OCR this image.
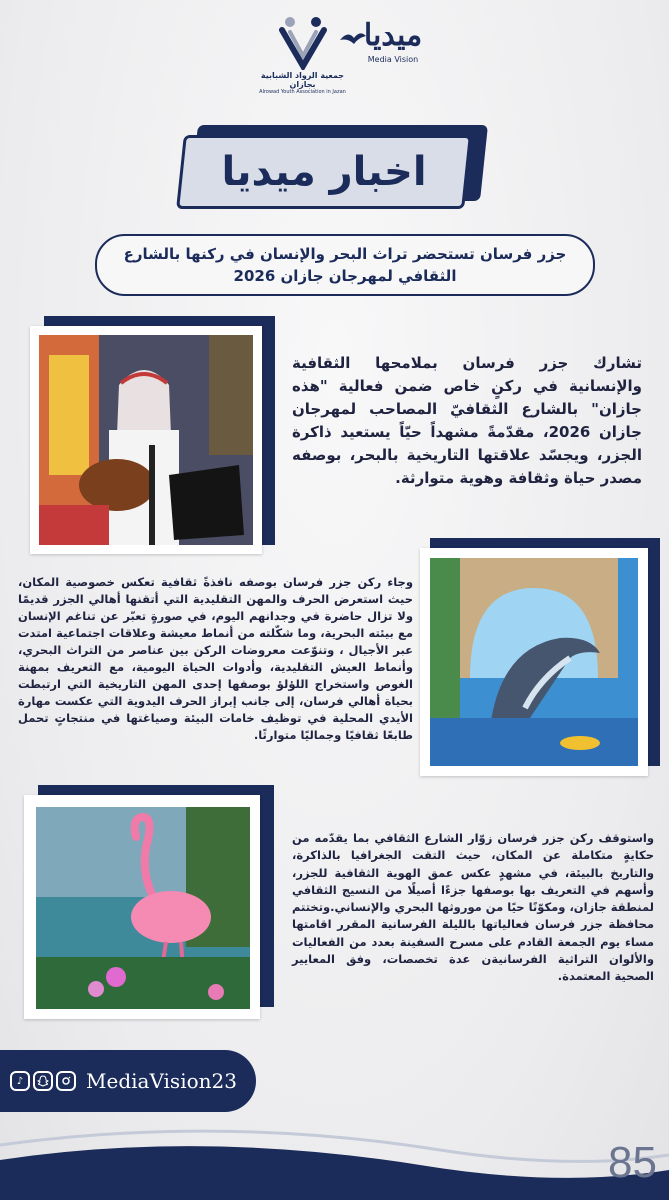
جمعية الرواد الشبابية بجازان
Alrowad Youth Association in Jazan
ميديا
Media Vision
اخبار ميديا
جزر فرسان تستحضر تراث البحر والإنسان في ركنها بالشارع الثقافي لمهرجان جازان 2026
تشارك جزر فرسان بملامحها الثقافية والإنسانية في ركنٍ خاص ضمن فعالية "هذه جازان" بالشارع الثقافيّ المصاحب لمهرجان جازان 2026، مقدّمةً مشهداً حيّاً يستعيد ذاكرة الجزر، ويجسّد علاقتها التاريخية بالبحر، بوصفه مصدر حياة وثقافة وهوية متوارثة.
وجاء ركن جزر فرسان بوصفه نافذةً ثقافية تعكس خصوصية المكان، حيث استعرض الحرف والمهن التقليدية التي أتقنها أهالي الجزر قديمًا ولا تزال حاضرة في وجدانهم اليوم، في صورةٍ تعبّر عن تناغم الإنسان مع بيئته البحرية، وما شكّلته من أنماط معيشة وعلاقات اجتماعية امتدت عبر الأجيال ، وتنوّعت معروضات الركن بين عناصر من التراث البحري، وأنماط العيش التقليدية، وأدوات الحياة اليومية، مع التعريف بمهنة الغوص واستخراج اللؤلؤ بوصفها إحدى المهن التاريخية التي ارتبطت بحياة أهالي فرسان، إلى جانب إبراز الحرف اليدوية التي عكست مهارة الأيدي المحلية في توظيف خامات البيئة وصياغتها في منتجاتٍ تحمل طابعًا ثقافيًا وجماليًا متوارثًا.
واستوقف ركن جزر فرسان زوّار الشارع الثقافي بما يقدّمه من حكايةٍ متكاملة عن المكان، حيث التقت الجغرافيا بالذاكرة، والتاريخ بالبيئة، في مشهدٍ عكس عمق الهوية الثقافية للجزر، وأسهم في التعريف بها بوصفها جزءًا أصيلًا من النسيج الثقافي لمنطقة جازان، ومكوّنًا حيًا من موروثها البحري والإنساني.وتختتم محافظة جزر فرسان فعالياتها بالليلة الفرسانية المقرر اقامتها مساء يوم الجمعة القادم على مسرح السفينة بعدد من الفعاليات والألوان التراثية الفرسانيةن عدة تخصصات، وفق المعايير الصحية المعتمدة.
♪	MediaVision23
85
